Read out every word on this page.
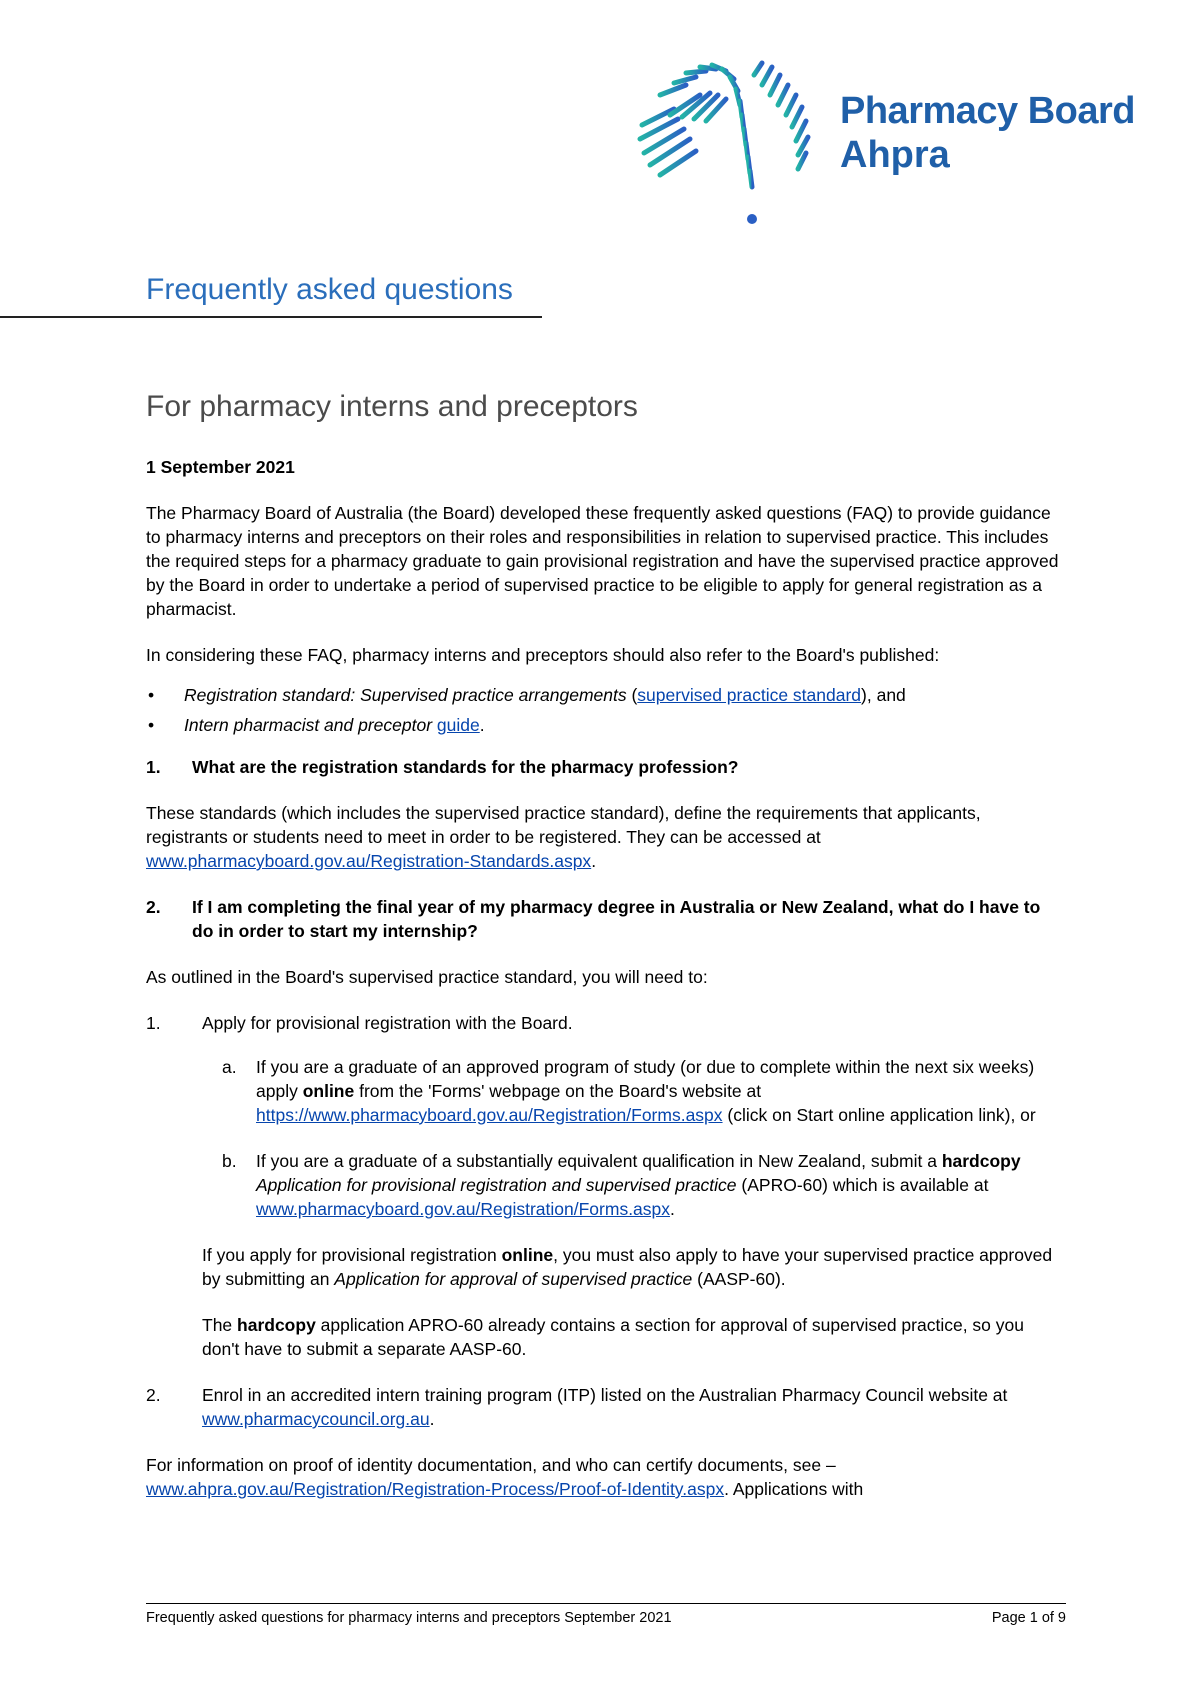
Pharmacy Board
Ahpra
Frequently asked questions
For pharmacy interns and preceptors

1 September 2021

The Pharmacy Board of Australia (the Board) developed these frequently asked questions (FAQ) to provide guidance to pharmacy interns and preceptors on their roles and responsibilities in relation to supervised practice. This includes the required steps for a pharmacy graduate to gain provisional registration and have the supervised practice approved by the Board in order to undertake a period of supervised practice to be eligible to apply for general registration as a pharmacist.

In considering these FAQ, pharmacy interns and preceptors should also refer to the Board's published:

• Registration standard: Supervised practice arrangements (supervised practice standard), and
• Intern pharmacist and preceptor guide.
1.	What are the registration standards for the pharmacy profession?

These standards (which includes the supervised practice standard), define the requirements that applicants, registrants or students need to meet in order to be registered. They can be accessed at www.pharmacyboard.gov.au/Registration-Standards.aspx.

2.	If I am completing the final year of my pharmacy degree in Australia or New Zealand, what do I have to do in order to start my internship?

As outlined in the Board's supervised practice standard, you will need to:

1.	Apply for provisional registration with the Board.
a.	If you are a graduate of an approved program of study (or due to complete within the next six weeks) apply online from the 'Forms' webpage on the Board's website at https://www.pharmacyboard.gov.au/Registration/Forms.aspx (click on Start online application link), or
b.	If you are a graduate of a substantially equivalent qualification in New Zealand, submit a hardcopy Application for provisional registration and supervised practice (APRO-60) which is available at www.pharmacyboard.gov.au/Registration/Forms.aspx.

If you apply for provisional registration online, you must also apply to have your supervised practice approved by submitting an Application for approval of supervised practice (AASP-60).

The hardcopy application APRO-60 already contains a section for approval of supervised practice, so you don't have to submit a separate AASP-60.

2.	Enrol in an accredited intern training program (ITP) listed on the Australian Pharmacy Council website at www.pharmacycouncil.org.au.

For information on proof of identity documentation, and who can certify documents, see – www.ahpra.gov.au/Registration/Registration-Process/Proof-of-Identity.aspx. Applications with

Frequently asked questions for pharmacy interns and preceptors September 2021	Page 1 of 9
